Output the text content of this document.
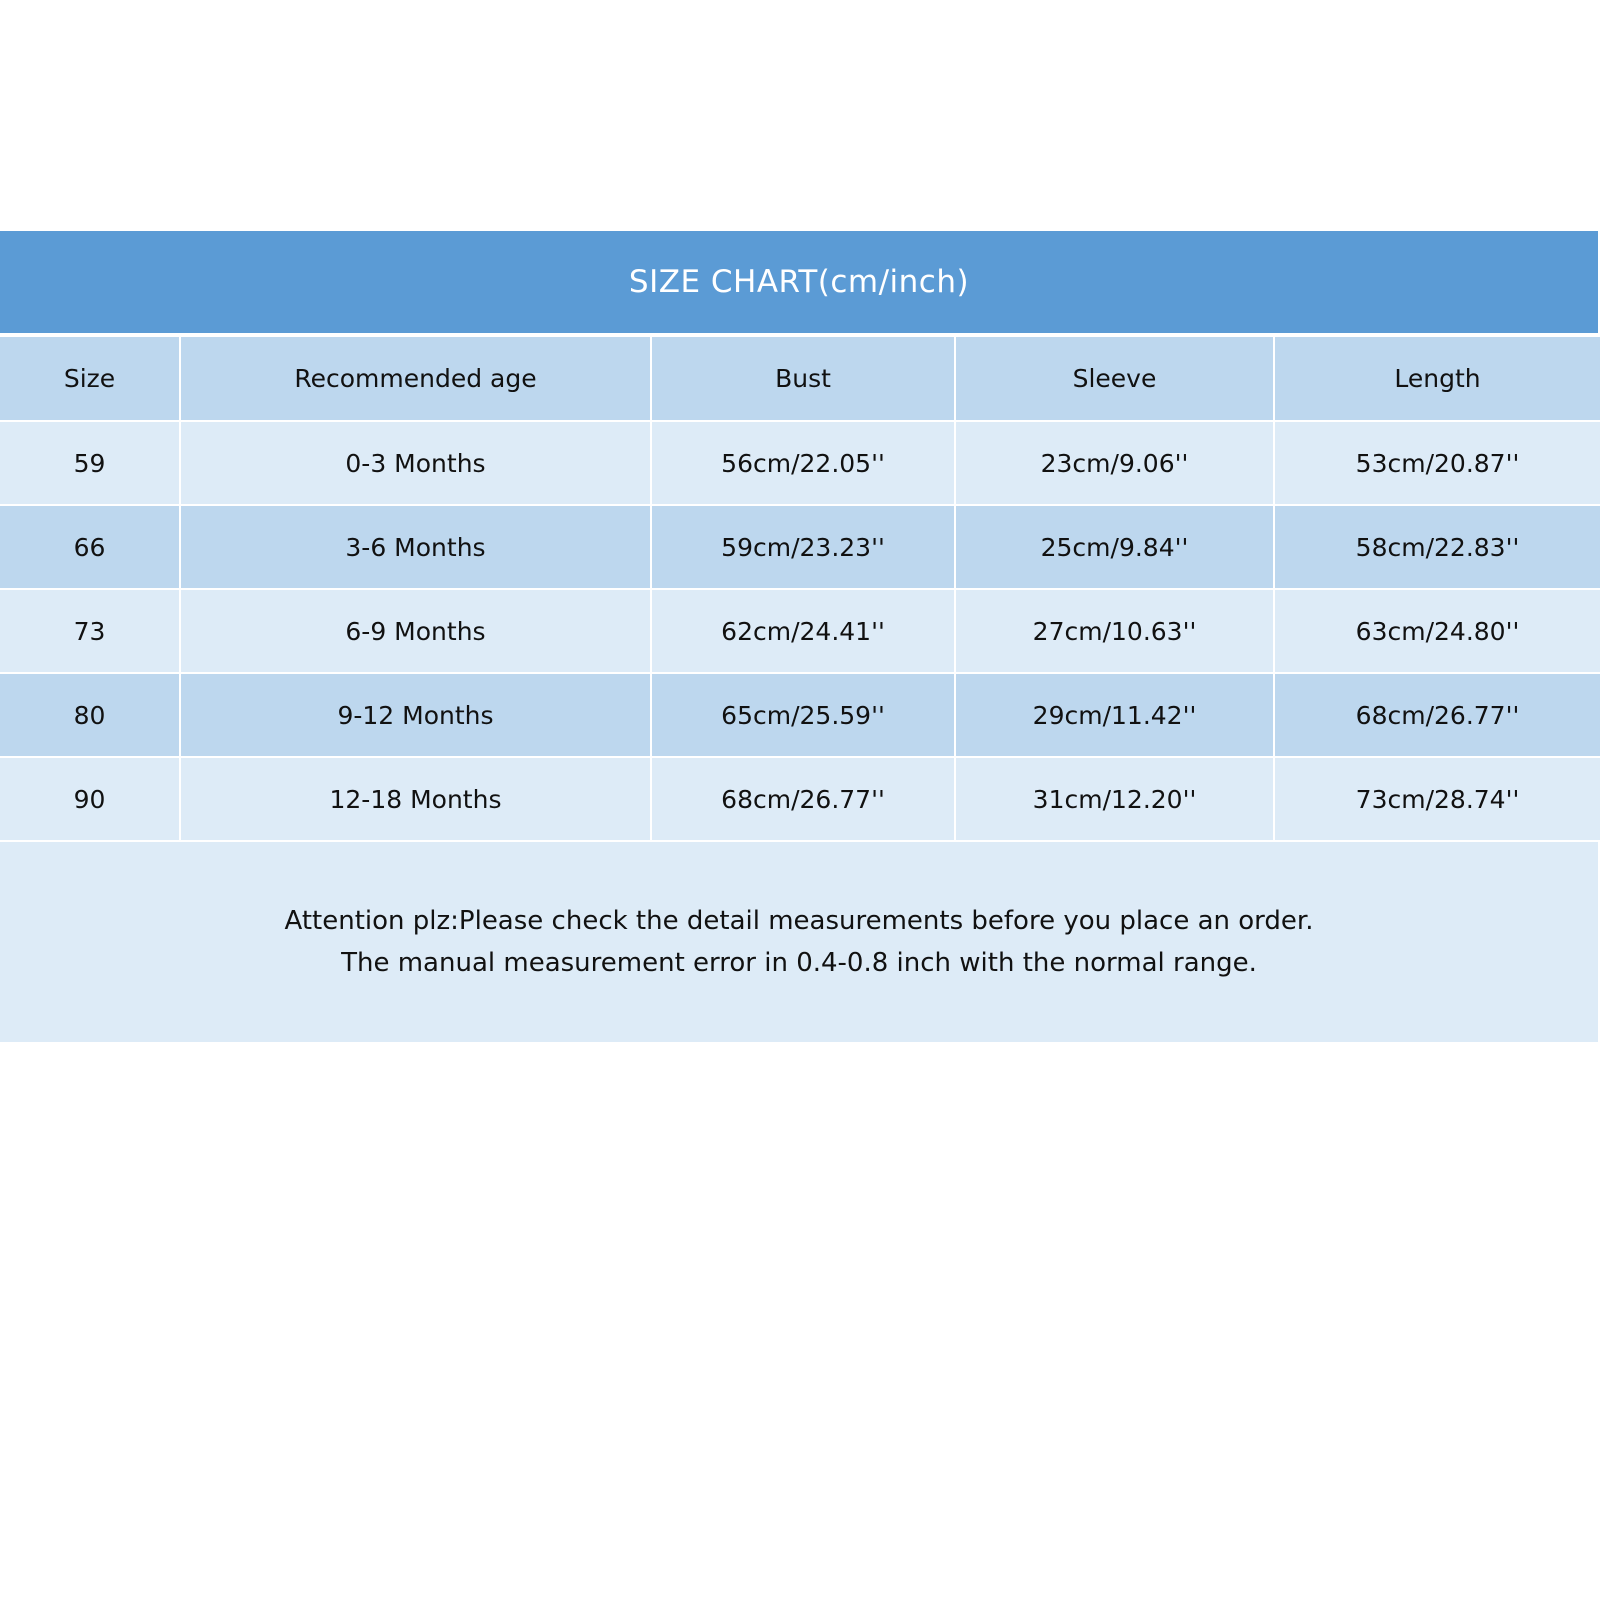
SIZE CHART(cm/inch)
Size	Recommended age	Bust	Sleeve	Length
59	0-3 Months	56cm/22.05''	23cm/9.06''	53cm/20.87''
66	3-6 Months	59cm/23.23''	25cm/9.84''	58cm/22.83''
73	6-9 Months	62cm/24.41''	27cm/10.63''	63cm/24.80''
80	9-12 Months	65cm/25.59''	29cm/11.42''	68cm/26.77''
90	12-18 Months	68cm/26.77''	31cm/12.20''	73cm/28.74''
Attention plz:Please check the detail measurements before you place an order.
The manual measurement error in 0.4-0.8 inch with the normal range.
